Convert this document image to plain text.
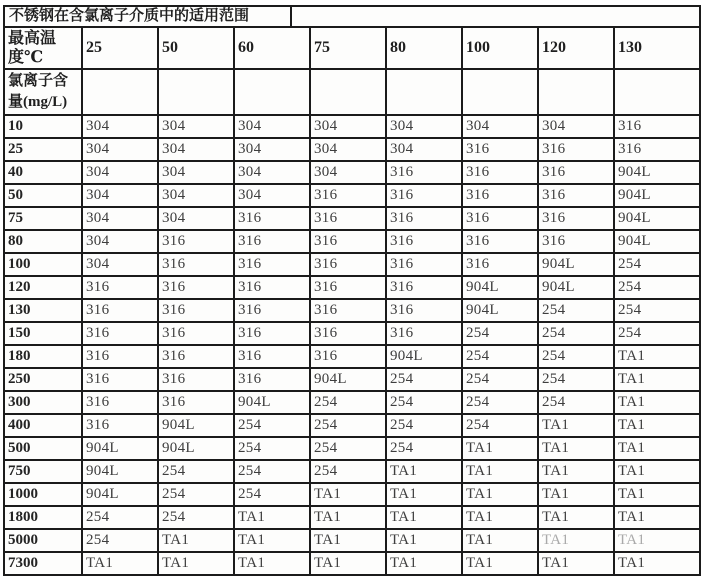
不锈钢在含氯离子介质中的适用范围
最高温
度℃	25	50	60	75	80	100	120	130

氯离子含
量(mg/L)								

10	304	304	304	304	304	304	304	316
25	304	304	304	304	304	316	316	316
40	304	304	304	304	316	316	316	904L
50	304	304	304	316	316	316	316	904L
75	304	304	316	316	316	316	316	904L
80	304	316	316	316	316	316	316	904L
100	304	316	316	316	316	316	904L	254
120	316	316	316	316	316	904L	904L	254
130	316	316	316	316	316	904L	254	254
150	316	316	316	316	316	254	254	254
180	316	316	316	316	904L	254	254	TA1
250	316	316	316	904L	254	254	254	TA1
300	316	316	904L	254	254	254	254	TA1
400	316	904L	254	254	254	254	TA1	TA1
500	904L	904L	254	254	254	TA1	TA1	TA1
750	904L	254	254	254	TA1	TA1	TA1	TA1
1000	904L	254	254	TA1	TA1	TA1	TA1	TA1
1800	254	254	TA1	TA1	TA1	TA1	TA1	TA1
5000	254	TA1	TA1	TA1	TA1	TA1	TA1	TA1
7300	TA1	TA1	TA1	TA1	TA1	TA1	TA1	TA1
